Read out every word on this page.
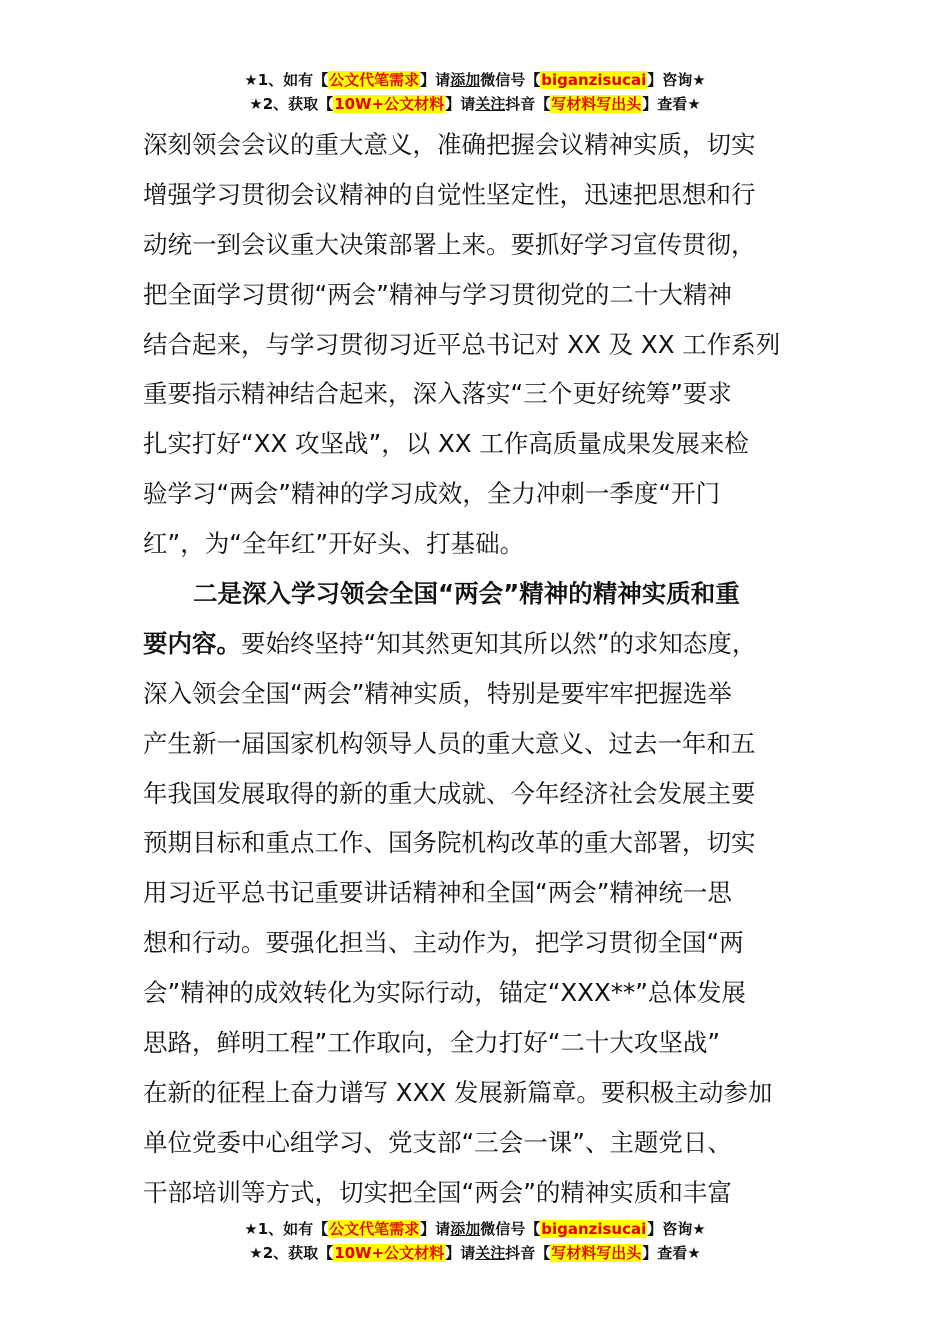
★1、如有【公文代笔需求】请添加微信号【biganzisucai】咨询★
★2、获取【10W+公文材料】请关注抖音【写材料写出头】查看★
深刻领会会议的重大意义，准确把握会议精神实质，切实
增强学习贯彻会议精神的自觉性坚定性，迅速把思想和行
动统一到会议重大决策部署上来。要抓好学习宣传贯彻，
把全面学习贯彻“两会”精神与学习贯彻党的二十大精神
结合起来，与学习贯彻习近平总书记对 XX 及 XX 工作系列
重要指示精神结合起来，深入落实“三个更好统筹”要求
扎实打好“XX 攻坚战”，以 XX 工作高质量成果发展来检
验学习“两会”精神的学习成效，全力冲刺一季度“开门
红”，为“全年红”开好头、打基础。
二是深入学习领会全国“两会”精神的精神实质和重
要内容。要始终坚持“知其然更知其所以然”的求知态度，
深入领会全国“两会”精神实质，特别是要牢牢把握选举
产生新一届国家机构领导人员的重大意义、过去一年和五
年我国发展取得的新的重大成就、今年经济社会发展主要
预期目标和重点工作、国务院机构改革的重大部署，切实
用习近平总书记重要讲话精神和全国“两会”精神统一思
想和行动。要强化担当、主动作为，把学习贯彻全国“两
会”精神的成效转化为实际行动，锚定“XXX**”总体发展
思路，鲜明工程”工作取向，全力打好“二十大攻坚战”
在新的征程上奋力谱写 XXX 发展新篇章。要积极主动参加
单位党委中心组学习、党支部“三会一课”、主题党日、
干部培训等方式，切实把全国“两会”的精神实质和丰富
★1、如有【公文代笔需求】请添加微信号【biganzisucai】咨询★
★2、获取【10W+公文材料】请关注抖音【写材料写出头】查看★
